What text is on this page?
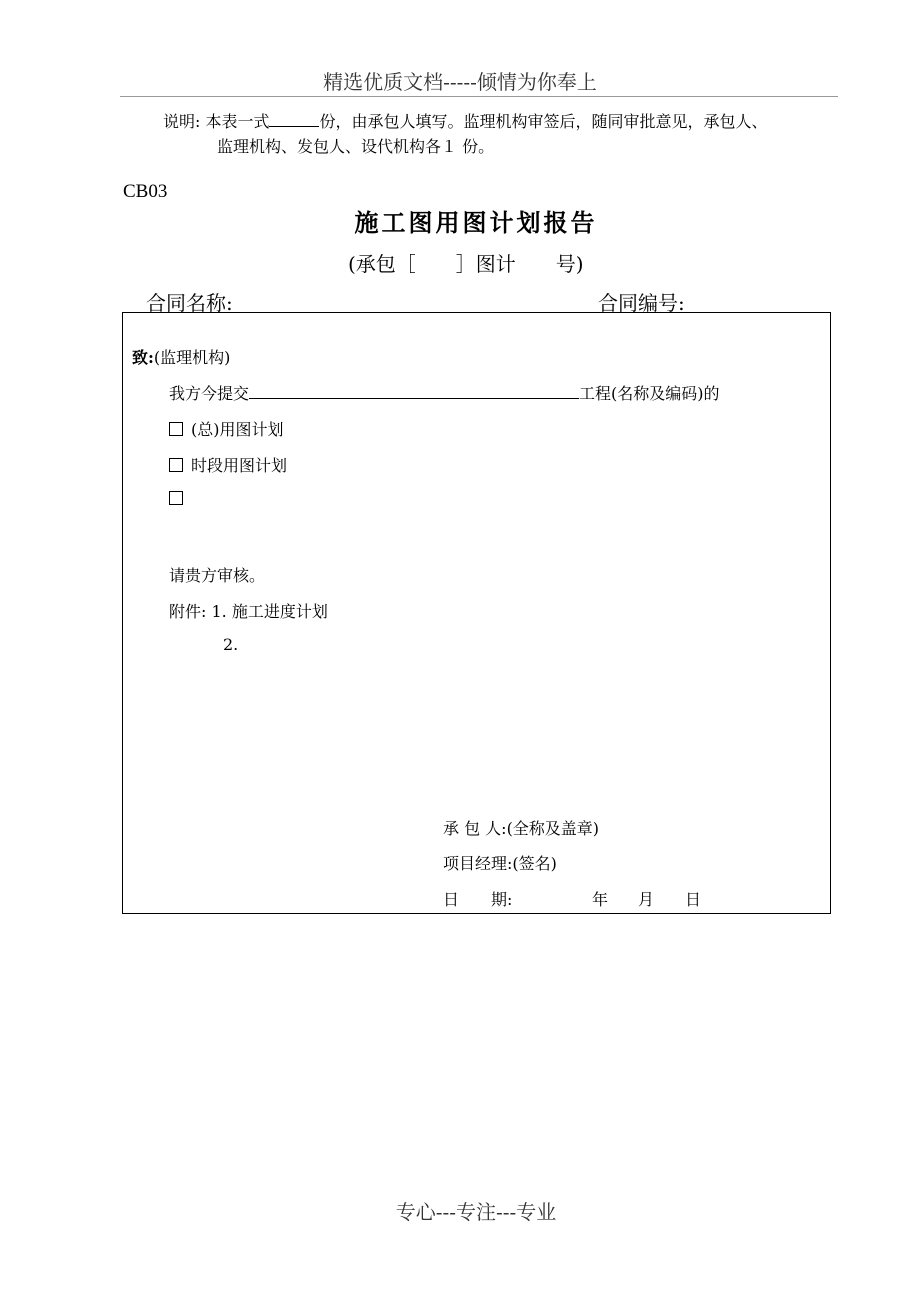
精选优质文档-----倾情为你奉上
说明: 本表一式	份，由承包人填写。监理机构审签后，随同审批意见，承包人、
监理机构、发包人、设代机构各１ 份。
CB03
施工图用图计划报告
(承包［　　］图计　　号)
合同名称:	合同编号:
致:(监理机构)
我方今提交	工程(名称及编码)的
(总)用图计划
时段用图计划
请贵方审核。
附件: 1. 施工进度计划
2.
承 包 人:(全称及盖章)
项目经理:(签名)
日　　期:	年 月 日
专心---专注---专业
